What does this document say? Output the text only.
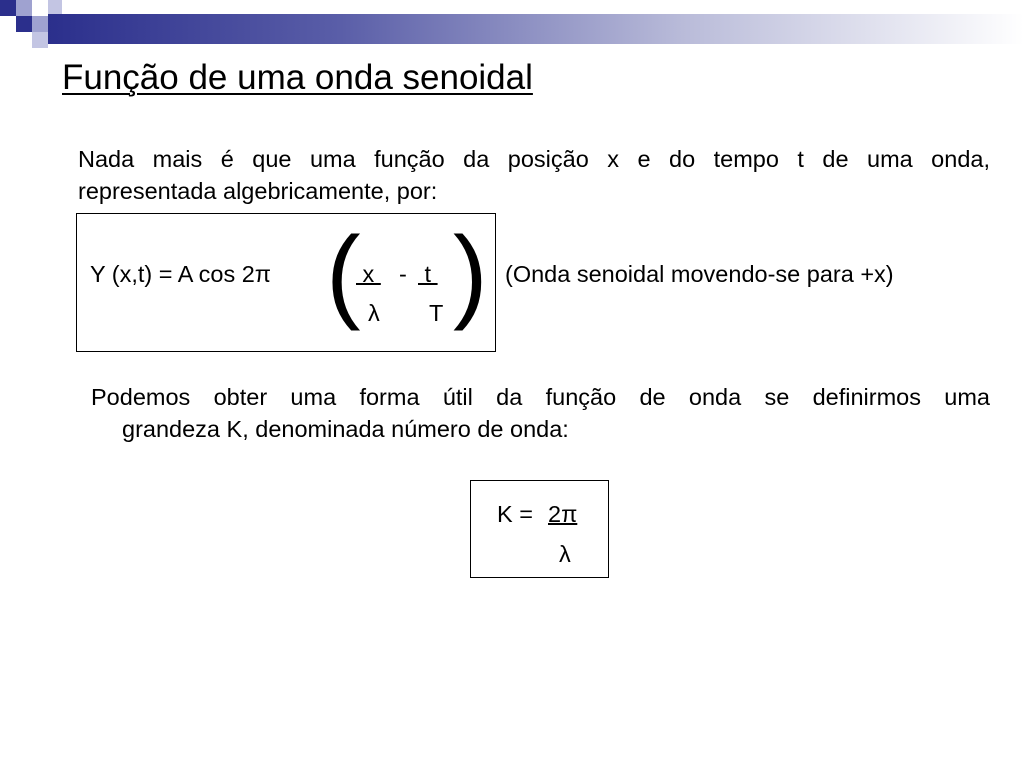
Função de uma onda senoidal

Nada mais é que uma função da posição x e do tempo t de uma onda,
representada algebricamente, por:

Y (x,t) = A cos 2π (
x - t
λ T ) (Onda senoidal movendo-se para +x)

Podemos obter uma forma útil da função de onda se definirmos uma
grandeza K, denominada número de onda:

K = 2π
λ
